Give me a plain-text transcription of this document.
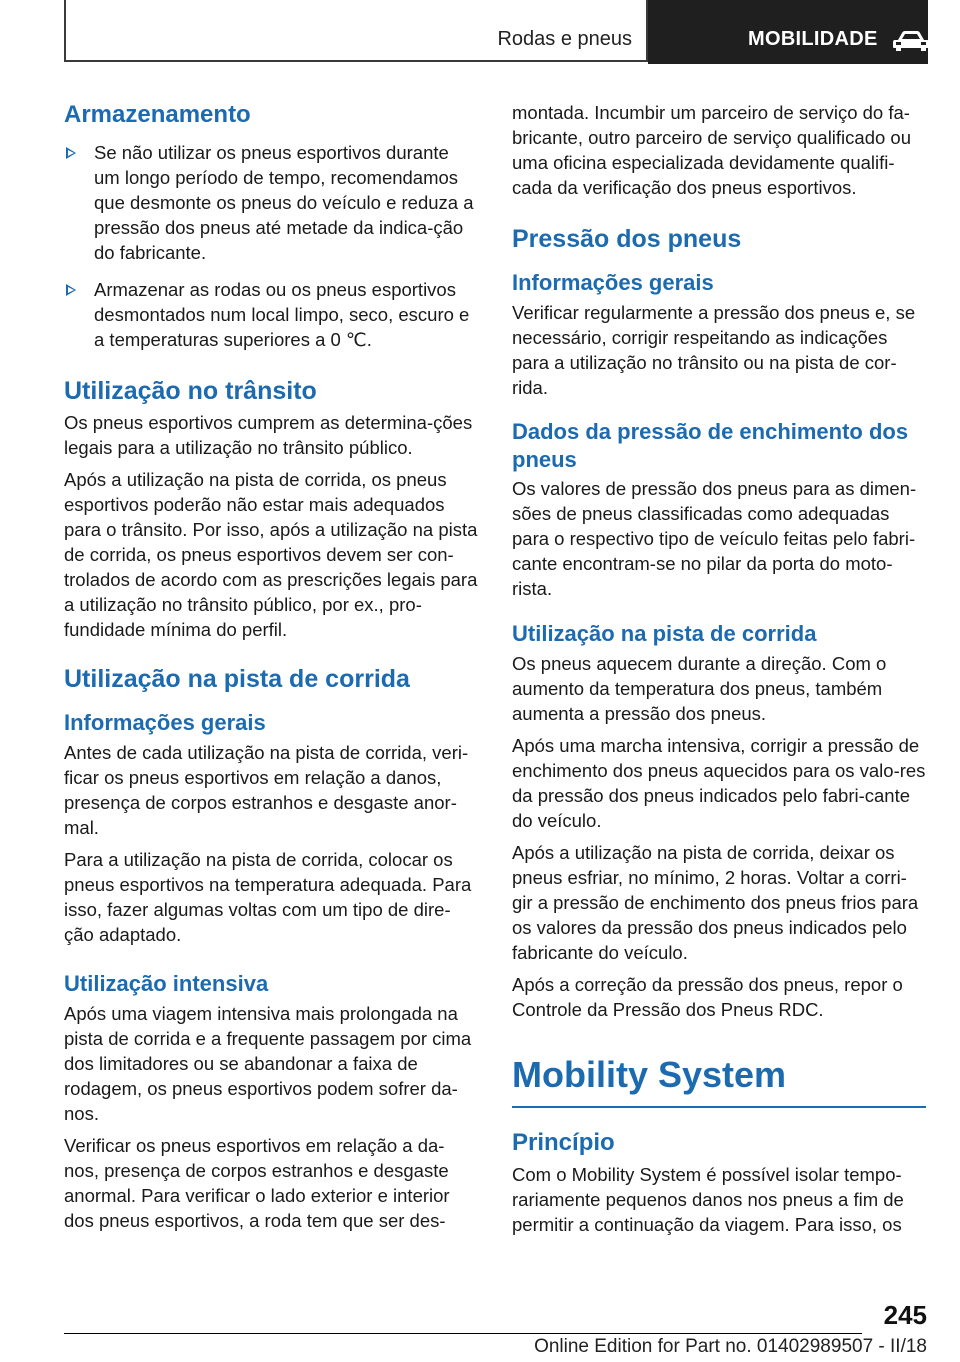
Rodas e pneus	MOBILIDADE
Armazenamento
Se não utilizar os pneus esportivos durante um longo período de tempo, recomendamos que desmonte os pneus do veículo e reduza a pressão dos pneus até metade da indica‐ção do fabricante.
Armazenar as rodas ou os pneus esportivos desmontados num local limpo, seco, escuro e a temperaturas superiores a 0 ℃.
Utilização no trânsito

Os pneus esportivos cumprem as determina‐ções legais para a utilização no trânsito público.

Após a utilização na pista de corrida, os pneus esportivos poderão não estar mais adequados para o trânsito. Por isso, após a utilização na pista de corrida, os pneus esportivos devem ser con‐trolados de acordo com as prescrições legais para a utilização no trânsito público, por ex., pro‐fundidade mínima do perfil.

Utilização na pista de corrida
Informações gerais

Antes de cada utilização na pista de corrida, veri‐ficar os pneus esportivos em relação a danos, presença de corpos estranhos e desgaste anor‐mal.

Para a utilização na pista de corrida, colocar os pneus esportivos na temperatura adequada. Para isso, fazer algumas voltas com um tipo de dire‐ção adaptado.

Utilização intensiva

Após uma viagem intensiva mais prolongada na pista de corrida e a frequente passagem por cima dos limitadores ou se abandonar a faixa de rodagem, os pneus esportivos podem sofrer da‐nos.

Verificar os pneus esportivos em relação a da‐nos, presença de corpos estranhos e desgaste anormal. Para verificar o lado exterior e interior dos pneus esportivos, a roda tem que ser des‐

montada. Incumbir um parceiro de serviço do fa‐bricante, outro parceiro de serviço qualificado ou uma oficina especializada devidamente qualifi‐cada da verificação dos pneus esportivos.

Pressão dos pneus
Informações gerais

Verificar regularmente a pressão dos pneus e, se necessário, corrigir respeitando as indicações para a utilização no trânsito ou na pista de cor‐rida.

Dados da pressão de enchimento dos pneus

Os valores de pressão dos pneus para as dimen‐sões de pneus classificadas como adequadas para o respectivo tipo de veículo feitas pelo fabri‐cante encontram-se no pilar da porta do moto‐rista.

Utilização na pista de corrida

Os pneus aquecem durante a direção. Com o aumento da temperatura dos pneus, também aumenta a pressão dos pneus.

Após uma marcha intensiva, corrigir a pressão de enchimento dos pneus aquecidos para os valo‐res da pressão dos pneus indicados pelo fabri‐cante do veículo.

Após a utilização na pista de corrida, deixar os pneus esfriar, no mínimo, 2 horas. Voltar a corri‐gir a pressão de enchimento dos pneus frios para os valores da pressão dos pneus indicados pelo fabricante do veículo.

Após a correção da pressão dos pneus, repor o Controle da Pressão dos Pneus RDC.

Mobility System
Princípio

Com o Mobility System é possível isolar tempo‐rariamente pequenos danos nos pneus a fim de permitir a continuação da viagem. Para isso, os

245
Online Edition for Part no. 01402989507 - II/18
